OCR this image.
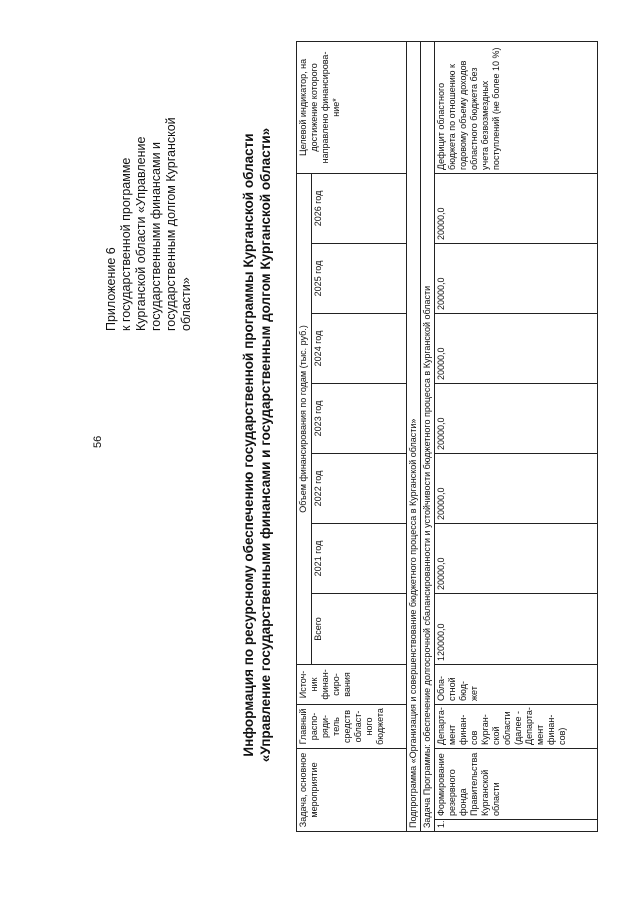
56
Приложение 6 к государственной программе Курганской области «Управление государственными финансами и государственным долгом Курганской области»	Информация по ресурсному обеспечению государственной программы Курганской области «Управление государственными финансами и государственным долгом Курганской области»
Задача, основное мероприятие		Главный распо-ряди-тель средств област-ного бюджета	Источ-ник финан-сиро-вания	Объем финансирования по годам (тыс. руб.)							Целевой индикатор, на достижение которого направлено финансирова-ние*
				Всего	2021 год	2022 год	2023 год	2024 год	2025 год	2026 год	
Подпрограмма «Организация и совершенствование бюджетного процесса в Курганской области»											
Задача Программы: обеспечение долгосрочной сбалансированности и устойчивости бюджетного процесса в Курганской области											
1.	Формирование резервного фонда Правительства Курганской области	Департа-мент финан-сов Курган-ской области (далее - Департа-мент финан-сов)	Обла-стной бюд-жет	120000,0	20000,0	20000,0	20000,0	20000,0	20000,0	20000,0	Дефицит областного бюджета по отношению к годовому объему доходов областного бюджета без учета безвозмездных поступлений (не более 10 %)
